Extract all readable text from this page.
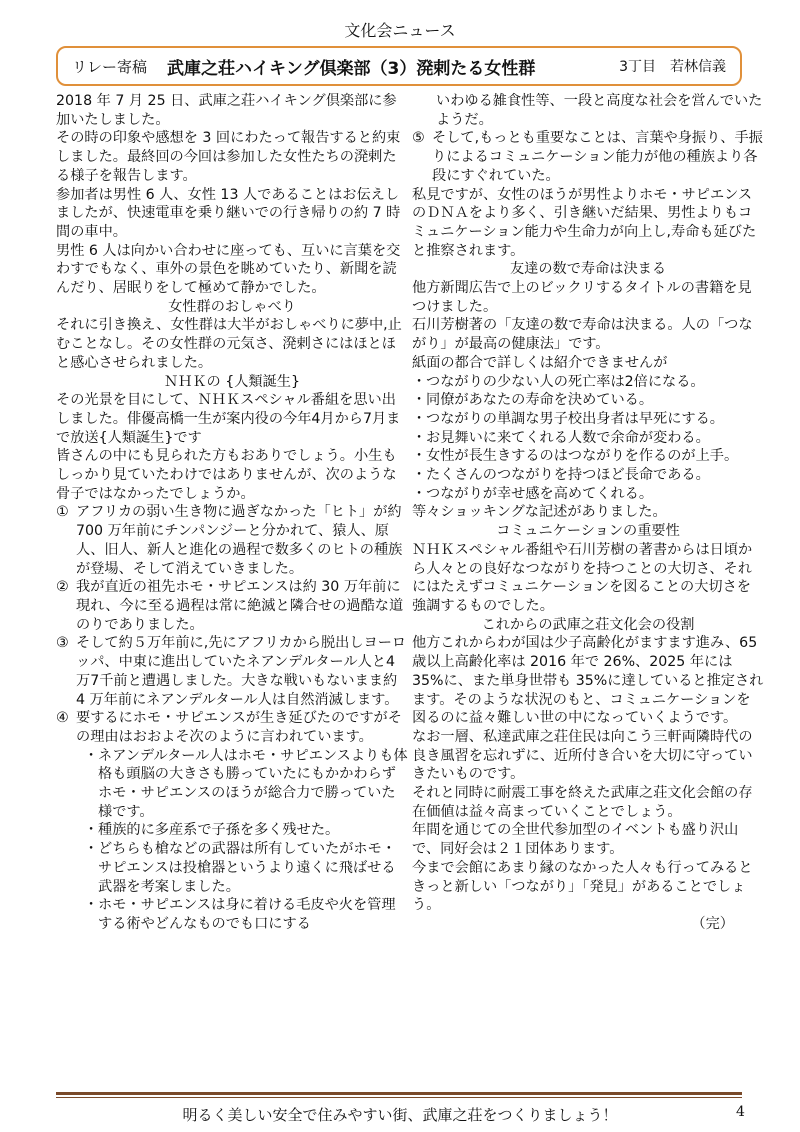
文化会ニュース
リレー寄稿 武庫之荘ハイキング倶楽部（3）溌剌たる女性群	3丁目　若林信義

2018 年 7 月 25 日、武庫之荘ハイキング倶楽部に参加いたしました。

その時の印象や感想を 3 回にわたって報告すると約束しました。最終回の今回は参加した女性たちの溌剌たる様子を報告します。

参加者は男性 6 人、女性 13 人であることはお伝えしましたが、快速電車を乗り継いでの行き帰りの約 7 時間の車中。

男性 6 人は向かい合わせに座っても、互いに言葉を交わすでもなく、車外の景色を眺めていたり、新聞を読んだり、居眠りをして極めて静かでした。

女性群のおしゃべり

それに引き換え、女性群は大半がおしゃべりに夢中,止むことなし。その女性群の元気さ、溌剌さにはほとほと感心させられました。

ＮＨＫの {人類誕生}

その光景を目にして、ＮＨＫスペシャル番組を思い出しました。俳優高橋一生が案内役の今年4月から7月まで放送{人類誕生}です

皆さんの中にも見られた方もおありでしょう。小生もしっかり見ていたわけではありませんが、次のような骨子ではなかったでしょうか。

① アフリカの弱い生き物に過ぎなかった「ヒト」が約 700 万年前にチンパンジーと分かれて、猿人、原人、旧人、新人と進化の過程で数多くのヒトの種族が登場、そして消えていきました。
② 我が直近の祖先ホモ・サピエンスは約 30 万年前に現れ、今に至る過程は常に絶滅と隣合せの過酷な道のりでありました。
③ そして約５万年前に,先にアフリカから脱出しヨーロッパ、中東に進出していたネアンデルタール人と4万7千前と遭遇しました。大きな戦いもないまま約 4 万年前にネアンデルタール人は自然消滅します。
④ 要するにホモ・サピエンスが生き延びたのですがその理由はおおよそ次のように言われています。
・ ネアンデルタール人はホモ・サピエンスよりも体格も頭脳の大きさも勝っていたにもかかわらずホモ・サピエンスのほうが総合力で勝っていた様です。
・ 種族的に多産系で子孫を多く残せた。
・ どちらも槍などの武器は所有していたがホモ・サピエンスは投槍器というより遠くに飛ばせる武器を考案しました。
・ ホモ・サピエンスは身に着ける毛皮や火を管理する術やどんなものでも口にする

いわゆる雑食性等、一段と高度な社会を営んでいたようだ。

⑤ そして,もっとも重要なことは、言葉や身振り、手振りによるコミュニケーション能力が他の種族より各段にすぐれていた。

私見ですが、女性のほうが男性よりホモ・サピエンスのＤＮＡをより多く、引き継いだ結果、男性よりもコミュニケーション能力や生命力が向上し,寿命も延びたと推察されます。

友達の数で寿命は決まる

他方新聞広告で上のビックリするタイトルの書籍を見つけました。

石川芳樹著の「友達の数で寿命は決まる。人の「つながり」が最高の健康法」です。

紙面の都合で詳しくは紹介できませんが

・ つながりの少ない人の死亡率は2倍になる。
・ 同僚があなたの寿命を決めている。
・ つながりの単調な男子校出身者は早死にする。
・ お見舞いに来てくれる人数で余命が変わる。
・ 女性が長生きするのはつながりを作るのが上手。
・ たくさんのつながりを持つほど長命である。
・ つながりが幸せ感を高めてくれる。

等々ショッキングな記述がありました。

コミュニケーションの重要性

ＮＨＫスペシャル番組や石川芳樹の著書からは日頃から人々との良好なつながりを持つことの大切さ、それにはたえずコミュニケーションを図ることの大切さを強調するものでした。

これからの武庫之荘文化会の役割

他方これからわが国は少子高齢化がますます進み、65 歳以上高齢化率は 2016 年で 26%、2025 年には 35%に、また単身世帯も 35%に達していると推定されます。そのような状況のもと、コミュニケーションを図るのに益々難しい世の中になっていくようです。

なお一層、私達武庫之荘住民は向こう三軒両隣時代の良き風習を忘れずに、近所付き合いを大切に守っていきたいものです。

それと同時に耐震工事を終えた武庫之荘文化会館の存在価値は益々高まっていくことでしょう。

年間を通じての全世代参加型のイベントも盛り沢山で、同好会は２１団体あります。

今まで会館にあまり縁のなかった人々も行ってみるときっと新しい「つながり」「発見」があることでしょう。

（完）

明るく美しい安全で住みやすい街、武庫之荘をつくりましょう！	4
